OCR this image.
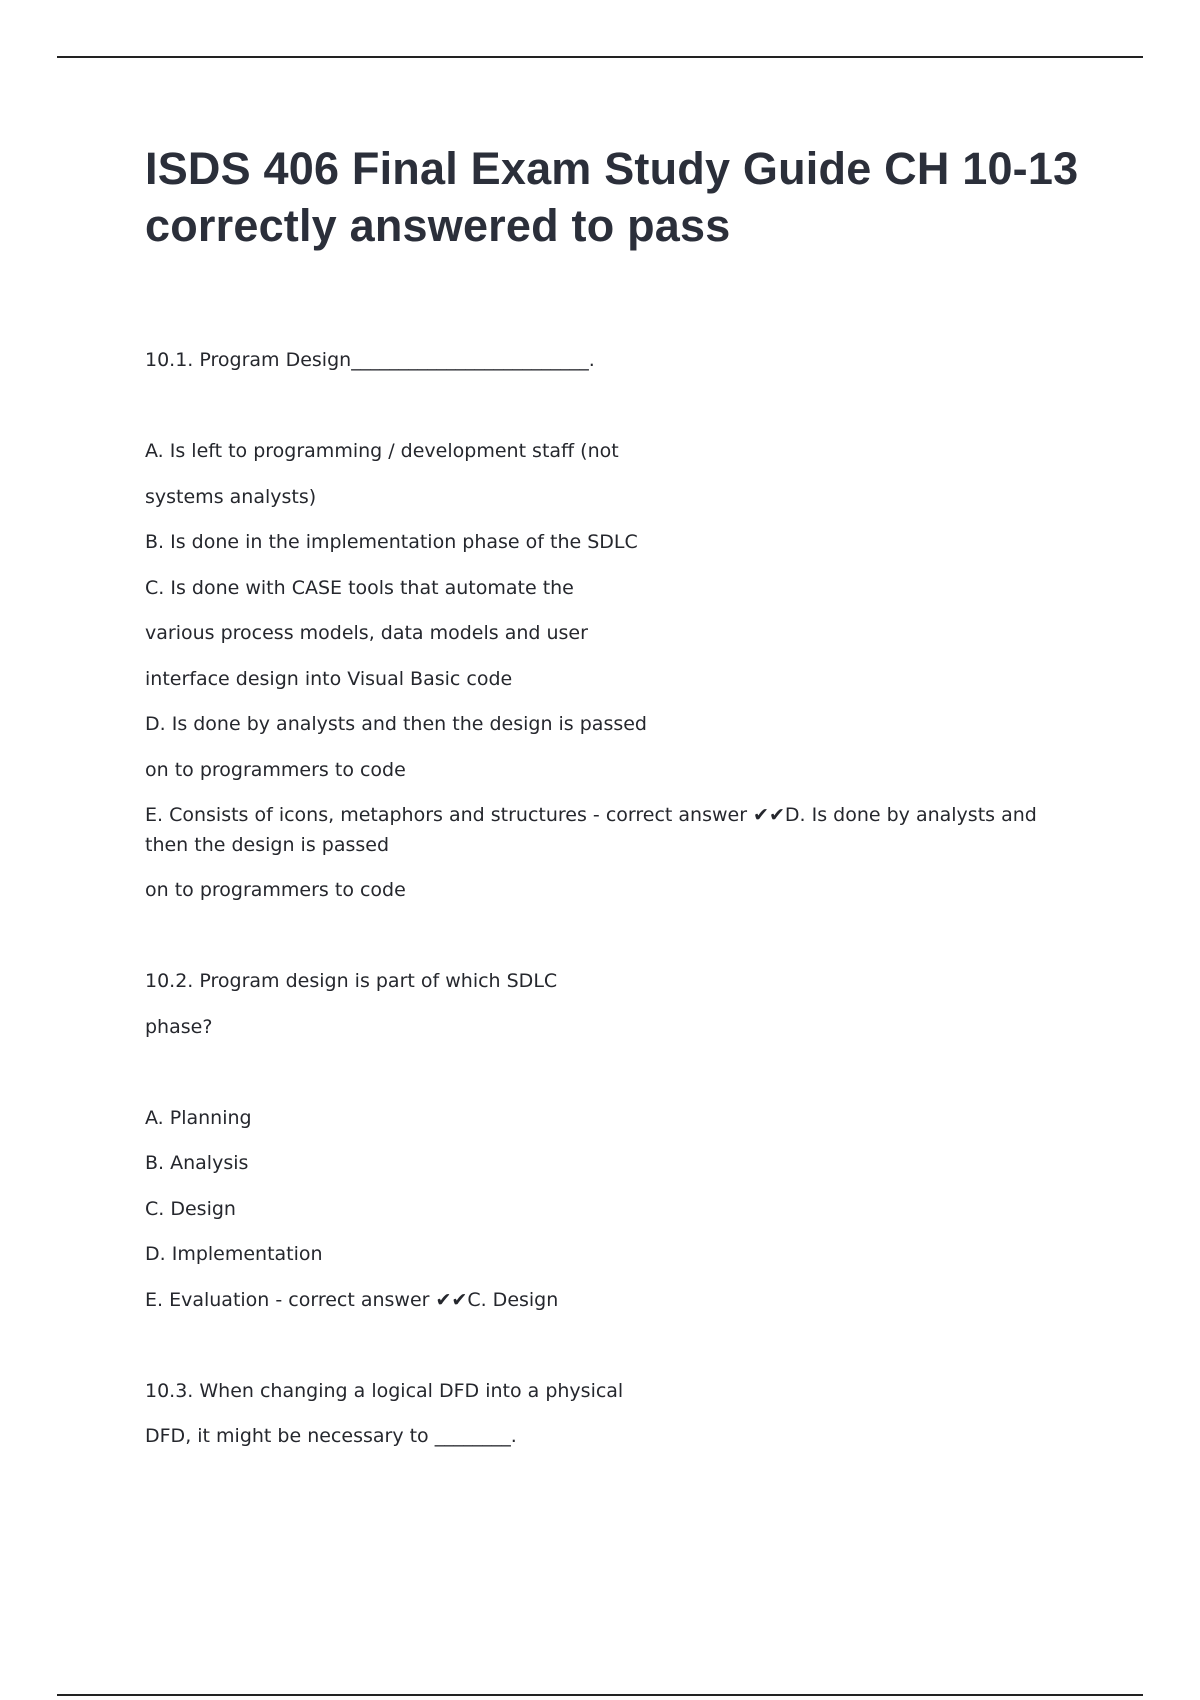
ISDS 406 Final Exam Study Guide CH 10-13 correctly answered to pass

10.1. Program Design_________________________.

A. Is left to programming / development staff (not

systems analysts)

B. Is done in the implementation phase of the SDLC

C. Is done with CASE tools that automate the

various process models, data models and user

interface design into Visual Basic code

D. Is done by analysts and then the design is passed

on to programmers to code

E. Consists of icons, metaphors and structures - correct answer ✔✔D. Is done by analysts and then the design is passed

on to programmers to code

10.2. Program design is part of which SDLC

phase?

A. Planning

B. Analysis

C. Design

D. Implementation

E. Evaluation - correct answer ✔✔C. Design

10.3. When changing a logical DFD into a physical

DFD, it might be necessary to ________.
